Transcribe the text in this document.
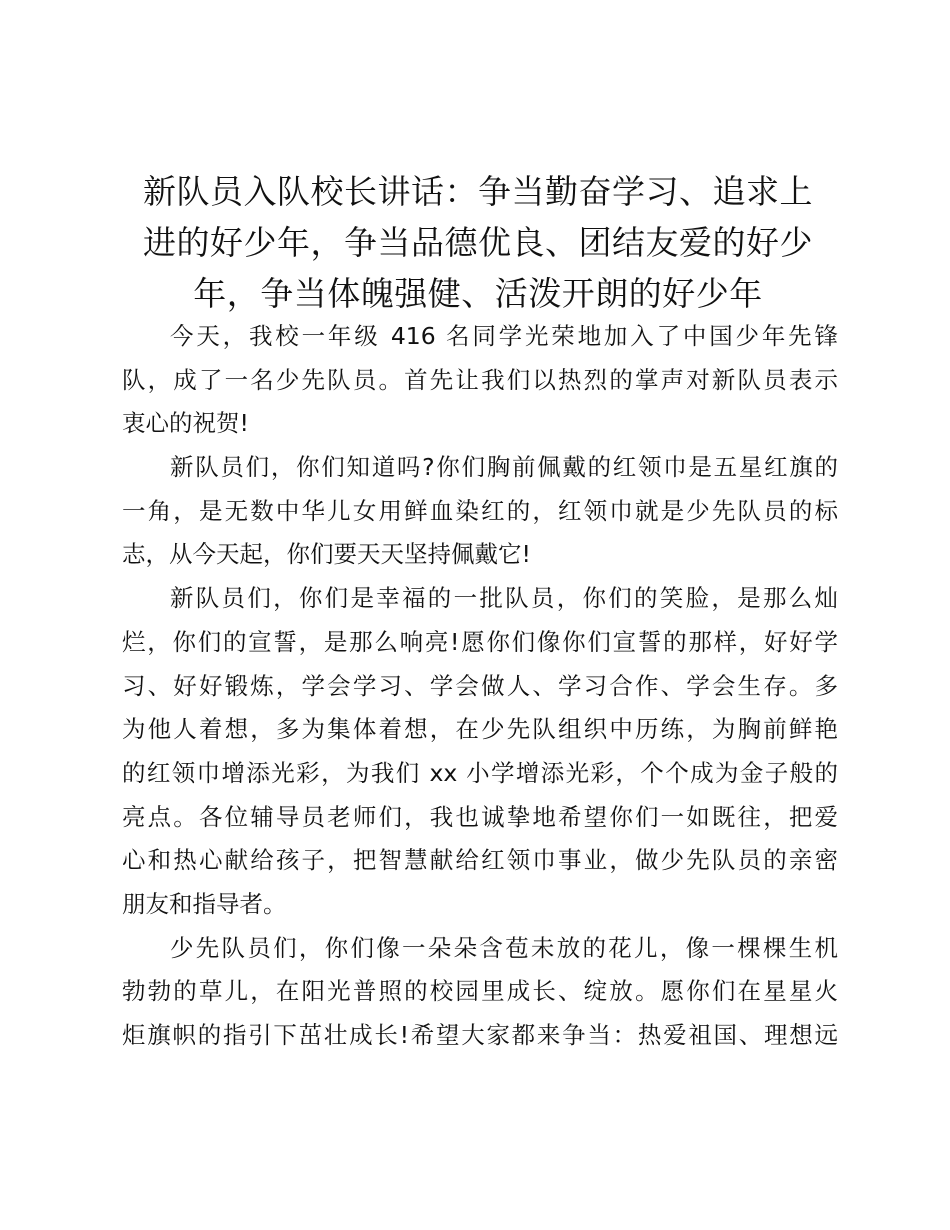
新队员入队校长讲话：争当勤奋学习、追求上
进的好少年，争当品德优良、团结友爱的好少
年，争当体魄强健、活泼开朗的好少年
今天，我校一年级 416 名同学光荣地加入了中国少年先锋
队，成了一名少先队员。首先让我们以热烈的掌声对新队员表示
衷心的祝贺!
新队员们，你们知道吗?你们胸前佩戴的红领巾是五星红旗的
一角，是无数中华儿女用鲜血染红的，红领巾就是少先队员的标
志，从今天起，你们要天天坚持佩戴它!
新队员们，你们是幸福的一批队员，你们的笑脸，是那么灿
烂，你们的宣誓，是那么响亮!愿你们像你们宣誓的那样，好好学
习、好好锻炼，学会学习、学会做人、学习合作、学会生存。多
为他人着想，多为集体着想，在少先队组织中历练，为胸前鲜艳
的红领巾增添光彩，为我们 xx 小学增添光彩，个个成为金子般的
亮点。各位辅导员老师们，我也诚挚地希望你们一如既往，把爱
心和热心献给孩子，把智慧献给红领巾事业，做少先队员的亲密
朋友和指导者。
少先队员们，你们像一朵朵含苞未放的花儿，像一棵棵生机
勃勃的草儿，在阳光普照的校园里成长、绽放。愿你们在星星火
炬旗帜的指引下茁壮成长!希望大家都来争当：热爱祖国、理想远
